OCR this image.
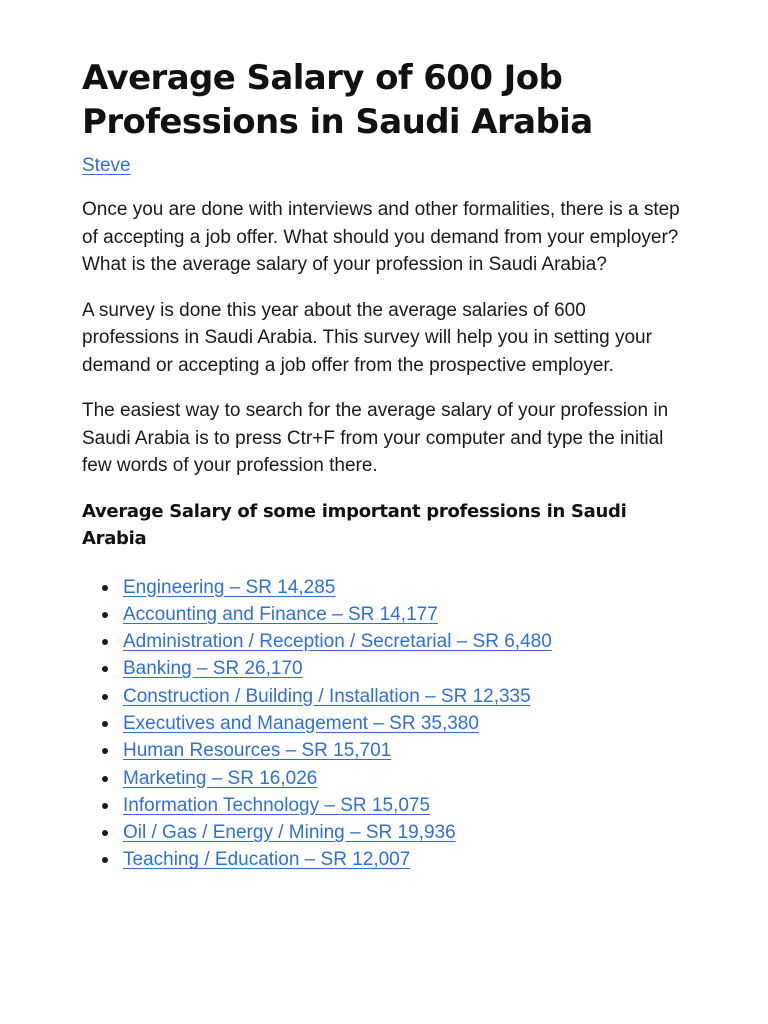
Average Salary of 600 Job Professions in Saudi Arabia
Steve

Once you are done with interviews and other formalities, there is a step of accepting a job offer. What should you demand from your employer? What is the average salary of your profession in Saudi Arabia?

A survey is done this year about the average salaries of 600 professions in Saudi Arabia. This survey will help you in setting your demand or accepting a job offer from the prospective employer.

The easiest way to search for the average salary of your profession in Saudi Arabia is to press Ctr+F from your computer and type the initial few words of your profession there.

Average Salary of some important professions in Saudi Arabia
Engineering – SR 14,285
Accounting and Finance – SR 14,177
Administration / Reception / Secretarial – SR 6,480
Banking – SR 26,170
Construction / Building / Installation – SR 12,335
Executives and Management – SR 35,380
Human Resources – SR 15,701
Marketing – SR 16,026
Information Technology – SR 15,075
Oil / Gas / Energy / Mining – SR 19,936
Teaching / Education – SR 12,007
